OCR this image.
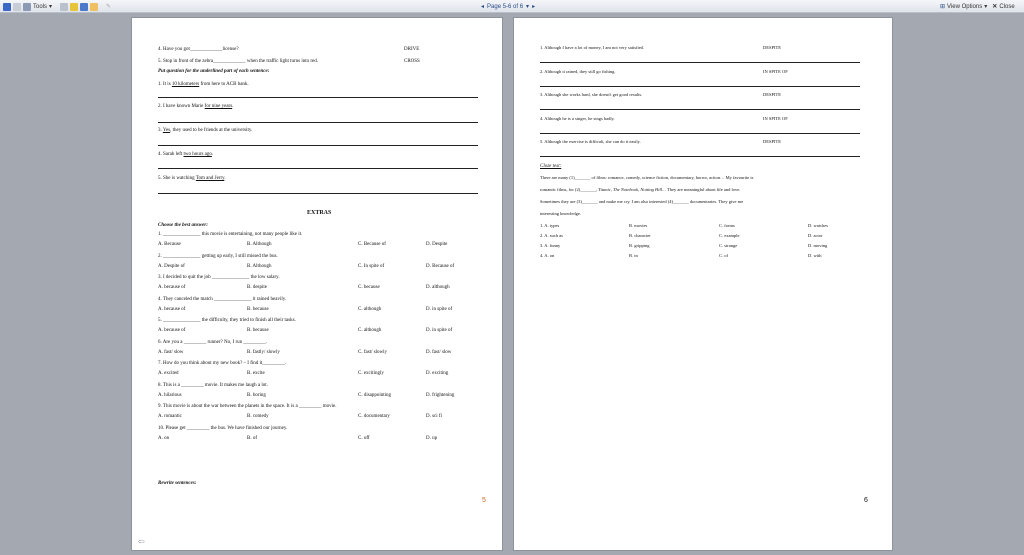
Tools ▾	✎	◂ Page 5-6 of 6 ▾ ▸	⊞ View Options ▾ ✕ Close
4. Have you got_____________license?	DRIVE
5. Stop in front of the zebra_____________ when the traffic light turns into red.	CROSS
Put question for the underlined part of each sentence:
1. It is 10 kilometers from here to ACB bank.
2. I have known Marie for nine years.
3. Yes, they used to be friends at the university.
4. Sarah left two hours ago.
5. She is watching Tom and Jerry.
EXTRAS
Choose the best answer:
1. _______________ this movie is entertaining, not many people like it.
A. Because	B. Although	C. Because of	D. Despite
2. _______________ getting up early, I still missed the bus.
A. Despite of	B. Although	C. In spite of	D. Because of
3. I decided to quit the job _______________ the low salary.
A. because of	B. despite	C. because	D. although
4. They canceled the match _______________ it rained heavily.
A. because of	B. because	C. although	D. in spite of
5. _______________ the difficulty, they tried to finish all their tasks.
A. because of	B. because	C. although	D. in spite of
6. Are you a _________ runner? No, I run _________.
A. fast/ slow	B. fastly/ slowly	C. fast/ slowly	D. fast/ slow
7. How do you think about my new book? – I find it_________.
A. excited	B. excite	C. excitingly	D. exciting
8. This is a _________ movie. It makes me laugh a lot.
A. hilarious	B. boring	C. disappointing	D. frightening
9. This movie is about the war between the planets in the space. It is a _________ movie.
A. romantic	B. comedy	C. documentary	D. sci fi
10. Please get _________ the bus. We have finished our journey.
A. on	B. of	C. off	D. up
Rewrite sentences:
5
1. Although I have a lot of money, I am not very satisfied.	DESPITE
2. Although it rained, they still go fishing.	IN SPITE OF
3. Although she works hard, she doesn't get good results.	DESPITE
4. Although he is a singer, he sings badly.	IN SPITE OF
5. Although the exercise is difficult, she can do it easily.	DESPITE
Cloze test:
There are many (1)_______ of films: romance, comedy, science fiction, documentary, horror, action… My favourite is
romantic films, for (2)_______, Titanic, The Notebook, Notting Hill… They are meaningful about life and love.
Sometimes they are (3)_______ and make me cry. I am also interested (4)_______ documentaries. They give me
interesting knowledge.
1. A. types	B. movies	C. forms	D. watches
2. A. such as	B. character	C. example	D. actor
3. A. funny	B. gripping	C. strange	D. moving
4. A. on	B. in	C. of	D. with
6
⇦
